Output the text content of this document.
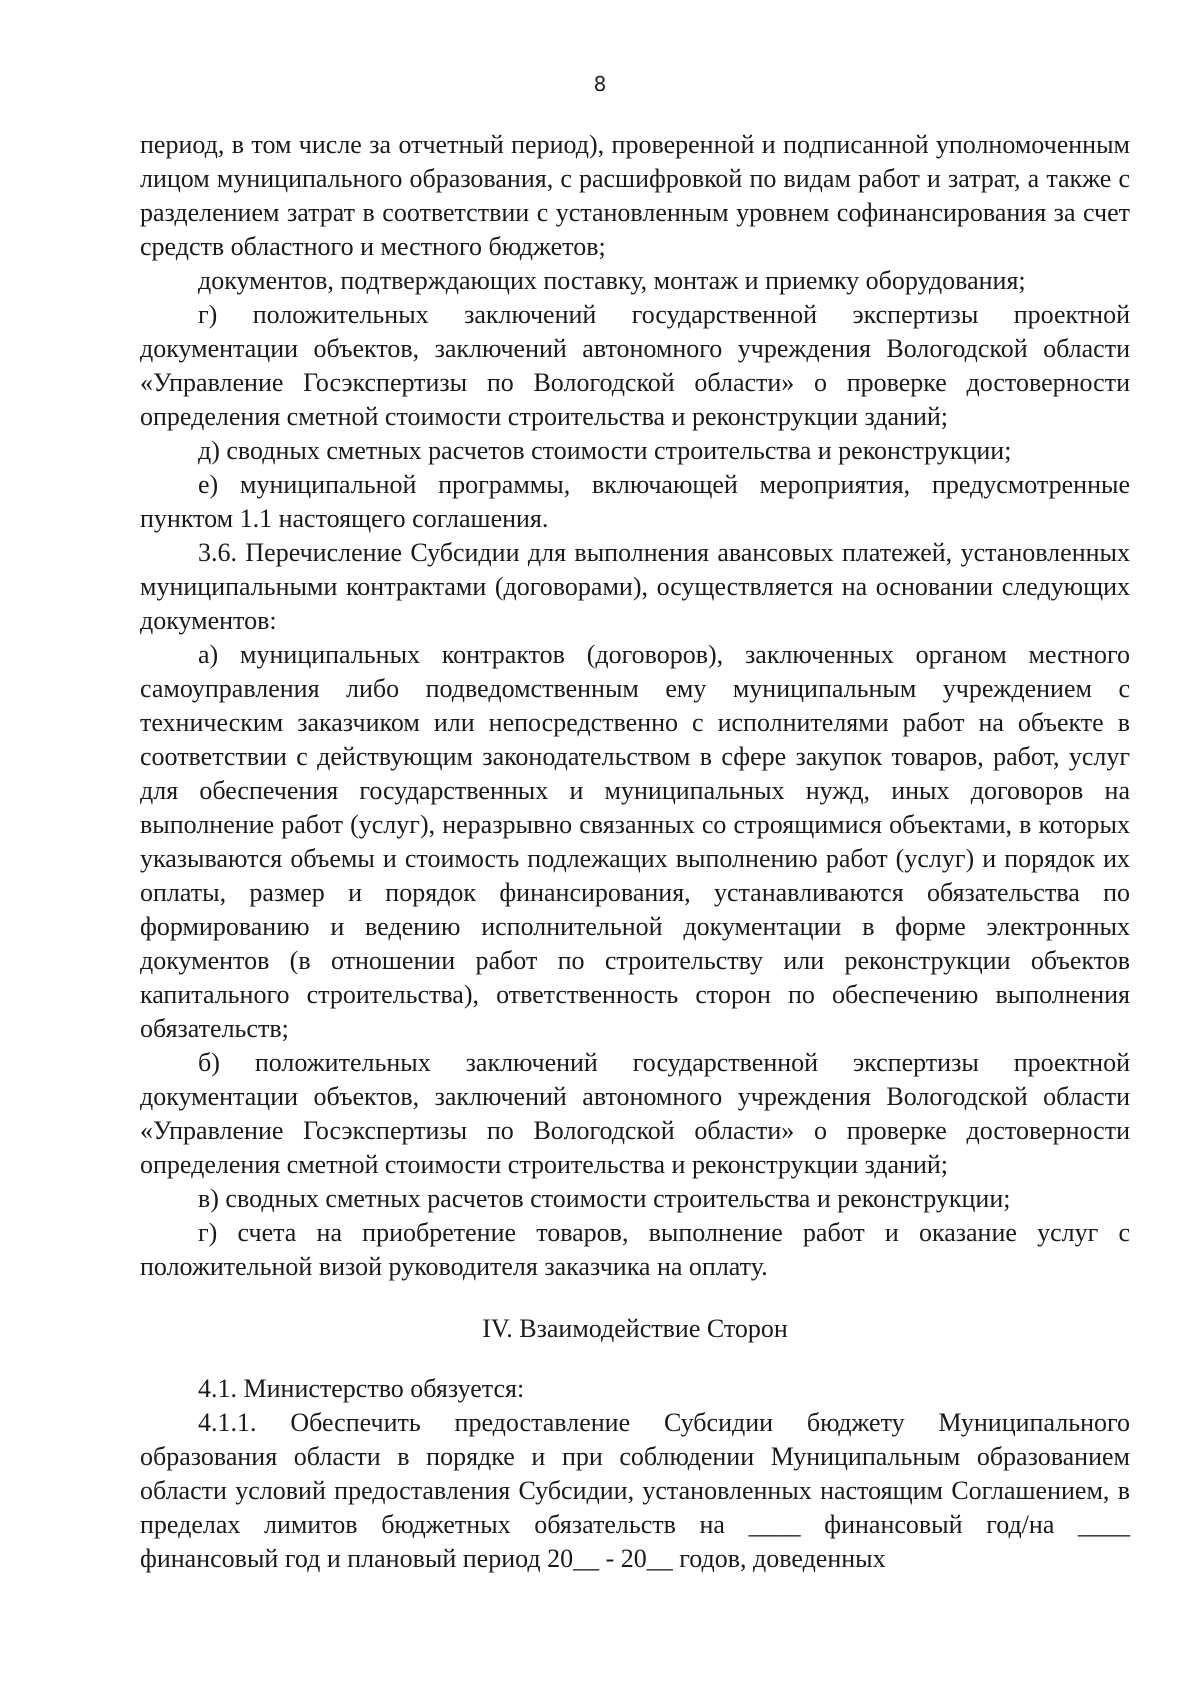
8

период, в том числе за отчетный период), проверенной и подписанной уполномоченным лицом муниципального образования, с расшифровкой по видам работ и затрат, а также с разделением затрат в соответствии с установленным уровнем софинансирования за счет средств областного и местного бюджетов;

документов, подтверждающих поставку, монтаж и приемку оборудования;

г) положительных заключений государственной экспертизы проектной документации объектов, заключений автономного учреждения Вологодской области «Управление Госэкспертизы по Вологодской области» о проверке достоверности определения сметной стоимости строительства и реконструкции зданий;

д) сводных сметных расчетов стоимости строительства и реконструкции;

е) муниципальной программы, включающей мероприятия, предусмотренные пунктом 1.1 настоящего соглашения.

3.6. Перечисление Субсидии для выполнения авансовых платежей, установленных муниципальными контрактами (договорами), осуществляется на основании следующих документов:

а) муниципальных контрактов (договоров), заключенных органом местного самоуправления либо подведомственным ему муниципальным учреждением с техническим заказчиком или непосредственно с исполнителями работ на объекте в соответствии с действующим законодательством в сфере закупок товаров, работ, услуг для обеспечения государственных и муниципальных нужд, иных договоров на выполнение работ (услуг), неразрывно связанных со строящимися объектами, в которых указываются объемы и стоимость подлежащих выполнению работ (услуг) и порядок их оплаты, размер и порядок финансирования, устанавливаются обязательства по формированию и ведению исполнительной документации в форме электронных документов (в отношении работ по строительству или реконструкции объектов капитального строительства), ответственность сторон по обеспечению выполнения обязательств;

б) положительных заключений государственной экспертизы проектной документации объектов, заключений автономного учреждения Вологодской области «Управление Госэкспертизы по Вологодской области» о проверке достоверности определения сметной стоимости строительства и реконструкции зданий;

в) сводных сметных расчетов стоимости строительства и реконструкции;

г) счета на приобретение товаров, выполнение работ и оказание услуг с положительной визой руководителя заказчика на оплату.

IV. Взаимодействие Сторон

4.1. Министерство обязуется:

4.1.1. Обеспечить предоставление Субсидии бюджету Муниципального образования области в порядке и при соблюдении Муниципальным образованием области условий предоставления Субсидии, установленных настоящим Соглашением, в пределах лимитов бюджетных обязательств на ____ финансовый год/на ____ финансовый год и плановый период 20__ - 20__ годов, доведенных
